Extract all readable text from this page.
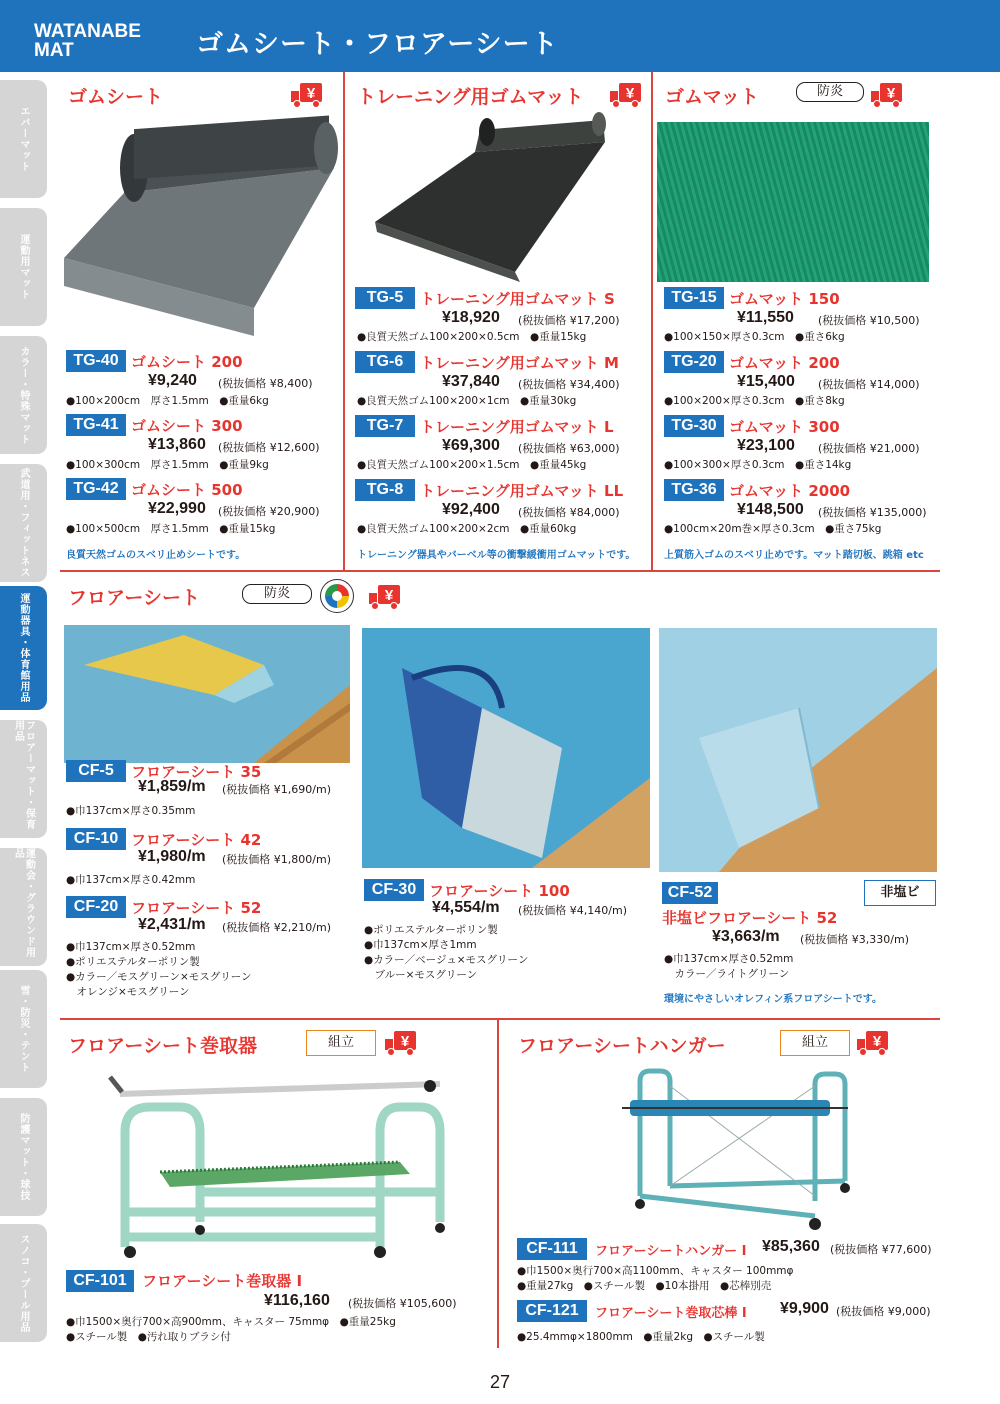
WATANABE
MAT	ゴムシート・フロアーシート
エバーマット
運動用マット
カラー・特殊マット
武道用・フィットネス
運動器具・体育館用品
フロアーマット・保育用品
運動会・グラウンド用品
雪・防災・テント
防護マット・球技
スノコ・プール用品
ゴムシート
TG-40 ゴムシート 200
¥9,240 (税抜価格 ¥8,400)
●100×200cm　厚さ1.5mm　●重量6kg
TG-41 ゴムシート 300
¥13,860 (税抜価格 ¥12,600)
●100×300cm　厚さ1.5mm　●重量9kg
TG-42 ゴムシート 500
¥22,990 (税抜価格 ¥20,900)
●100×500cm　厚さ1.5mm　●重量15kg
良質天然ゴムのスベリ止めシートです。
トレーニング用ゴムマット
TG-5	トレーニング用ゴムマット S
¥18,920 (税抜価格 ¥17,200)
●良質天然ゴム100×200×0.5cm　●重量15kg
TG-6	トレーニング用ゴムマット M
¥37,840 (税抜価格 ¥34,400)
●良質天然ゴム100×200×1cm　●重量30kg
TG-7	トレーニング用ゴムマット L
¥69,300 (税抜価格 ¥63,000)
●良質天然ゴム100×200×1.5cm　●重量45kg
TG-8	トレーニング用ゴムマット LL
¥92,400 (税抜価格 ¥84,000)
●良質天然ゴム100×200×2cm　●重量60kg
トレーニング器具やバーベル等の衝撃緩衝用ゴムマットです。
ゴムマット	防炎
TG-15 ゴムマット 150
¥11,550 (税抜価格 ¥10,500)
●100×150×厚さ0.3cm　●重さ6kg
TG-20 ゴムマット 200
¥15,400 (税抜価格 ¥14,000)
●100×200×厚さ0.3cm　●重さ8kg
TG-30 ゴムマット 300
¥23,100 (税抜価格 ¥21,000)
●100×300×厚さ0.3cm　●重さ14kg
TG-36 ゴムマット 2000
¥148,500 (税抜価格 ¥135,000)
●100cm×20m巻×厚さ0.3cm　●重さ75kg
上質筋入ゴムのスベリ止めです。マット踏切板、跳箱 etc
フロアーシート	防炎
CF-5	フロアーシート 35
¥1,859/m (税抜価格 ¥1,690/m)
●巾137cm×厚さ0.35mm
CF-10 フロアーシート 42
¥1,980/m (税抜価格 ¥1,800/m)
●巾137cm×厚さ0.42mm
CF-20 フロアーシート 52
¥2,431/m (税抜価格 ¥2,210/m)
●巾137cm×厚さ0.52mm
●ポリエステルターポリン製
●カラー／モスグリーン×モスグリーン
　オレンジ×モスグリーン
CF-30 フロアーシート 100
¥4,554/m (税抜価格 ¥4,140/m)
●ポリエステルターポリン製
●巾137cm×厚さ1mm
●カラー／ベージュ×モスグリーン
　ブルー×モスグリーン
CF-52	非塩ビ
非塩ビフロアーシート 52
¥3,663/m (税抜価格 ¥3,330/m)
●巾137cm×厚さ0.52mm
　カラー／ライトグリーン
環境にやさしいオレフィン系フロアシートです。
フロアーシート巻取器	組立
CF-101	フロアーシート巻取器 I
¥116,160 (税抜価格 ¥105,600)
●巾1500×奥行700×高900mm、キャスター 75mmφ　●重量25kg
●スチール製　●汚れ取りブラシ付
フロアーシートハンガー	組立
CF-111	フロアーシートハンガー I ¥85,360 (税抜価格 ¥77,600)
●巾1500×奥行700×高1100mm、キャスター 100mmφ
●重量27kg　●スチール製　●10本掛用　●芯棒別売
CF-121	フロアーシート巻取芯棒 I ¥9,900 (税抜価格 ¥9,000)
●25.4mmφ×1800mm　●重量2kg　●スチール製
27
